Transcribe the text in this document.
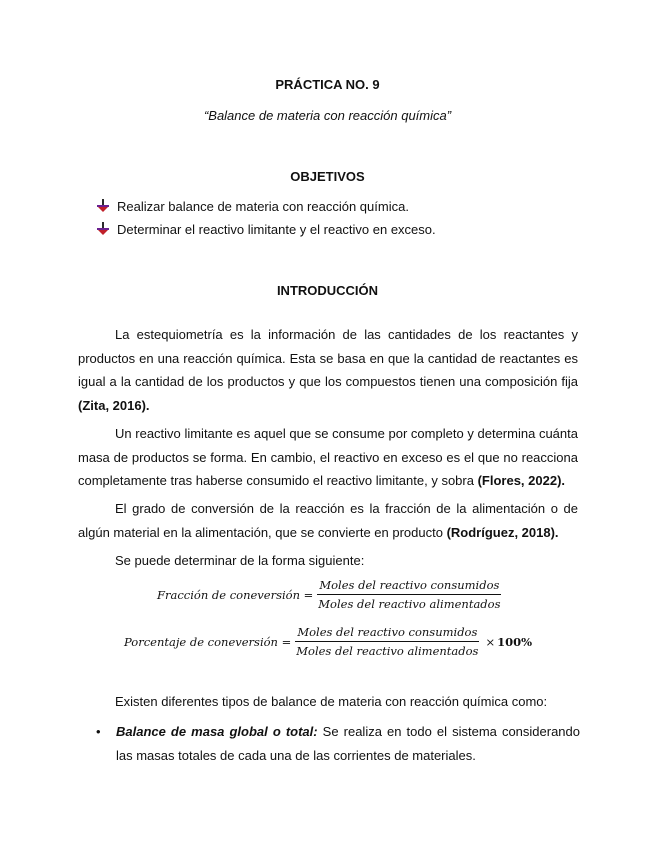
PRÁCTICA NO. 9
“Balance de materia con reacción química”
OBJETIVOS
Realizar balance de materia con reacción química.
Determinar el reactivo limitante y el reactivo en exceso.
INTRODUCCIÓN

La estequiometría es la información de las cantidades de los reactantes y productos en una reacción química. Esta se basa en que la cantidad de reactantes es igual a la cantidad de los productos y que los compuestos tienen una composición fija (Zita, 2016).

Un reactivo limitante es aquel que se consume por completo y determina cuánta masa de productos se forma. En cambio, el reactivo en exceso es el que no reacciona completamente tras haberse consumido el reactivo limitante, y sobra (Flores, 2022).

El grado de conversión de la reacción es la fracción de la alimentación o de algún material en la alimentación, que se convierte en producto (Rodríguez, 2018).

Se puede determinar de la forma siguiente:

Fracción de coneversión = $\frac{\text{Moles del reactivo consumidos}}{\text{Moles del reactivo alimentados}}$
Porcentaje de coneversión = $\frac{\text{Moles del reactivo consumidos}}{\text{Moles del reactivo alimentados}} \times 100\%$

Existen diferentes tipos de balance de materia con reacción química como:

•	Balance de masa global o total: Se realiza en todo el sistema considerando las masas totales de cada una de las corrientes de materiales.
